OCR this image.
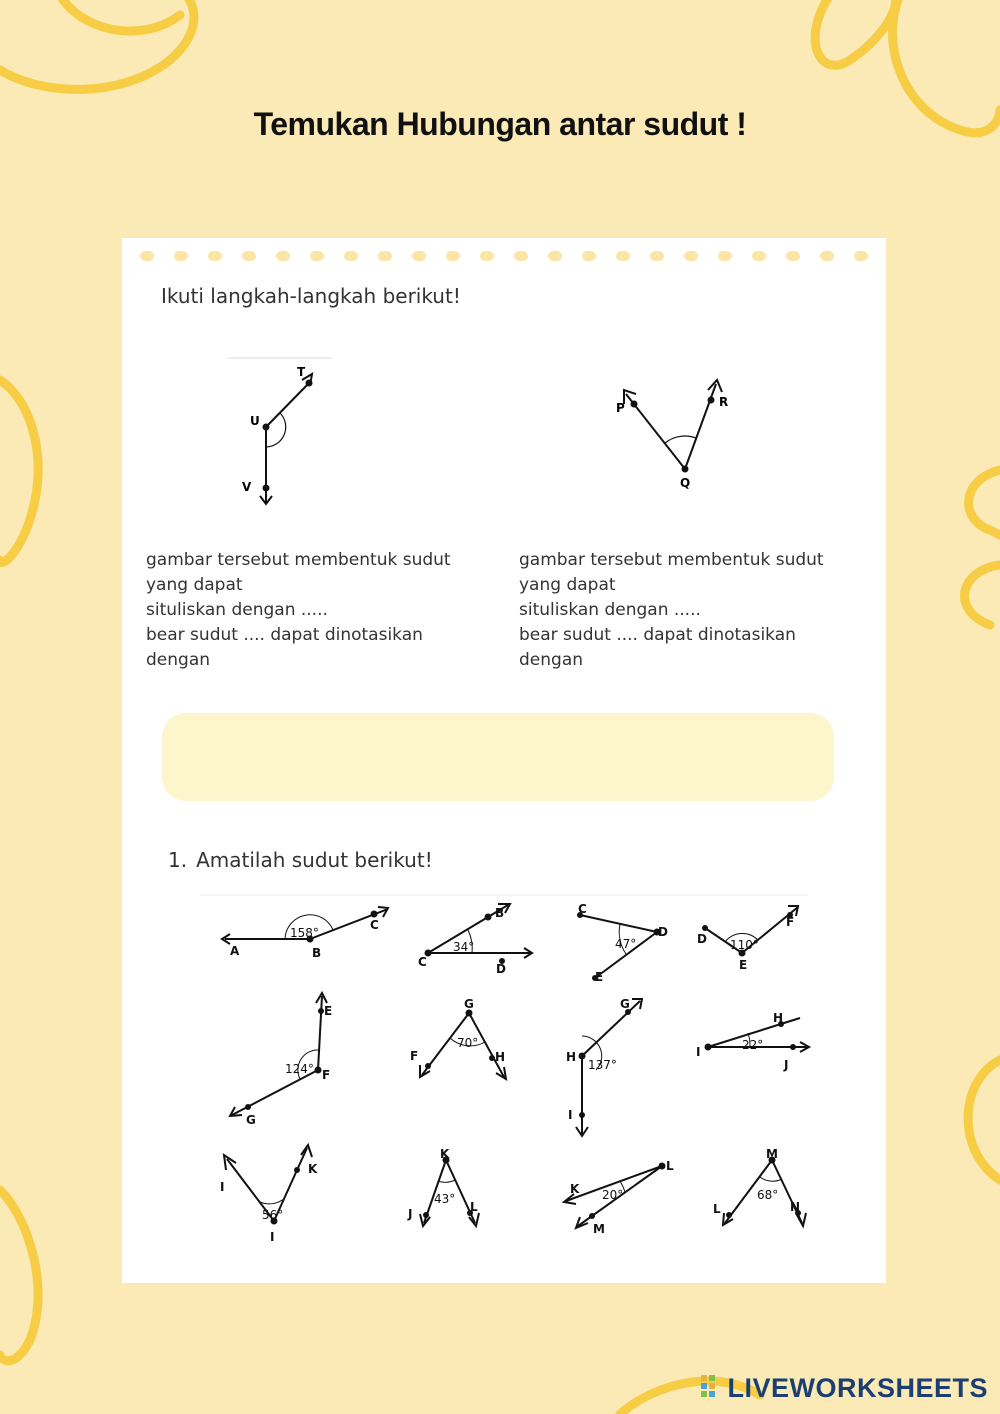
Temukan Hubungan antar sudut !
Ikuti langkah-langkah berikut!
T
U
V
P	R
Q

gambar tersebut membentuk sudut

yang dapat

situliskan dengan .....

bear sudut .... dapat dinotasikan

dengan

gambar tersebut membentuk sudut

yang dapat

situliskan dengan .....

bear sudut .... dapat dinotasikan

dengan

1. Amatilah sudut berikut!
A	B
C
B
C	D
C
D
E
D
E
F
E
F
G
G
F	H
G
H
I
H
I
J
I
K
I
K
J	L
K
L
M
M
L	N
158°
34°	47°	110°
124°
70°
137°
22°
56°
43°	20°	68°
LIVEWORKSHEETS
